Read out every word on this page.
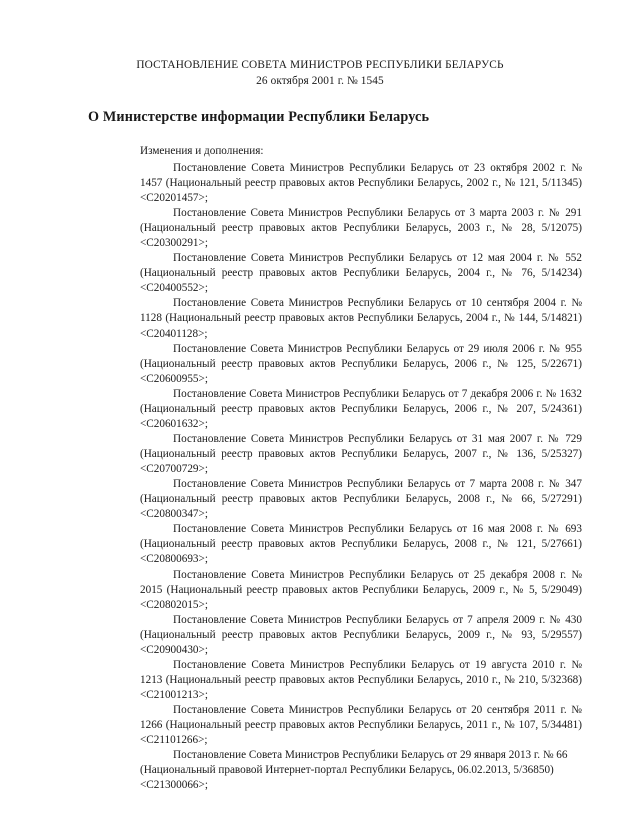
ПОСТАНОВЛЕНИЕ СОВЕТА МИНИСТРОВ РЕСПУБЛИКИ БЕЛАРУСЬ
26 октября 2001 г. № 1545
О Министерстве информации Республики Беларусь
Изменения и дополнения:

Постановление Совета Министров Республики Беларусь от 23 октября 2002 г. № 1457 (Национальный реестр правовых актов Республики Беларусь, 2002 г., № 121, 5/11345) <C20201457>;

Постановление Совета Министров Республики Беларусь от 3 марта 2003 г. № 291 (Национальный реестр правовых актов Республики Беларусь, 2003 г., № 28, 5/12075) <C20300291>;

Постановление Совета Министров Республики Беларусь от 12 мая 2004 г. № 552 (Национальный реестр правовых актов Республики Беларусь, 2004 г., № 76, 5/14234) <C20400552>;

Постановление Совета Министров Республики Беларусь от 10 сентября 2004 г. № 1128 (Национальный реестр правовых актов Республики Беларусь, 2004 г., № 144, 5/14821) <C20401128>;

Постановление Совета Министров Республики Беларусь от 29 июля 2006 г. № 955 (Национальный реестр правовых актов Республики Беларусь, 2006 г., № 125, 5/22671) <C20600955>;

Постановление Совета Министров Республики Беларусь от 7 декабря 2006 г. № 1632 (Национальный реестр правовых актов Республики Беларусь, 2006 г., № 207, 5/24361) <C20601632>;

Постановление Совета Министров Республики Беларусь от 31 мая 2007 г. № 729 (Национальный реестр правовых актов Республики Беларусь, 2007 г., № 136, 5/25327) <C20700729>;

Постановление Совета Министров Республики Беларусь от 7 марта 2008 г. № 347 (Национальный реестр правовых актов Республики Беларусь, 2008 г., № 66, 5/27291) <C20800347>;

Постановление Совета Министров Республики Беларусь от 16 мая 2008 г. № 693 (Национальный реестр правовых актов Республики Беларусь, 2008 г., № 121, 5/27661) <C20800693>;

Постановление Совета Министров Республики Беларусь от 25 декабря 2008 г. № 2015 (Национальный реестр правовых актов Республики Беларусь, 2009 г., № 5, 5/29049) <C20802015>;

Постановление Совета Министров Республики Беларусь от 7 апреля 2009 г. № 430 (Национальный реестр правовых актов Республики Беларусь, 2009 г., № 93, 5/29557) <C20900430>;

Постановление Совета Министров Республики Беларусь от 19 августа 2010 г. № 1213 (Национальный реестр правовых актов Республики Беларусь, 2010 г., № 210, 5/32368) <C21001213>;

Постановление Совета Министров Республики Беларусь от 20 сентября 2011 г. № 1266 (Национальный реестр правовых актов Республики Беларусь, 2011 г., № 107, 5/34481) <C21101266>;

Постановление Совета Министров Республики Беларусь от 29 января 2013 г. № 66 (Национальный правовой Интернет-портал Республики Беларусь, 06.02.2013, 5/36850) <C21300066>;
